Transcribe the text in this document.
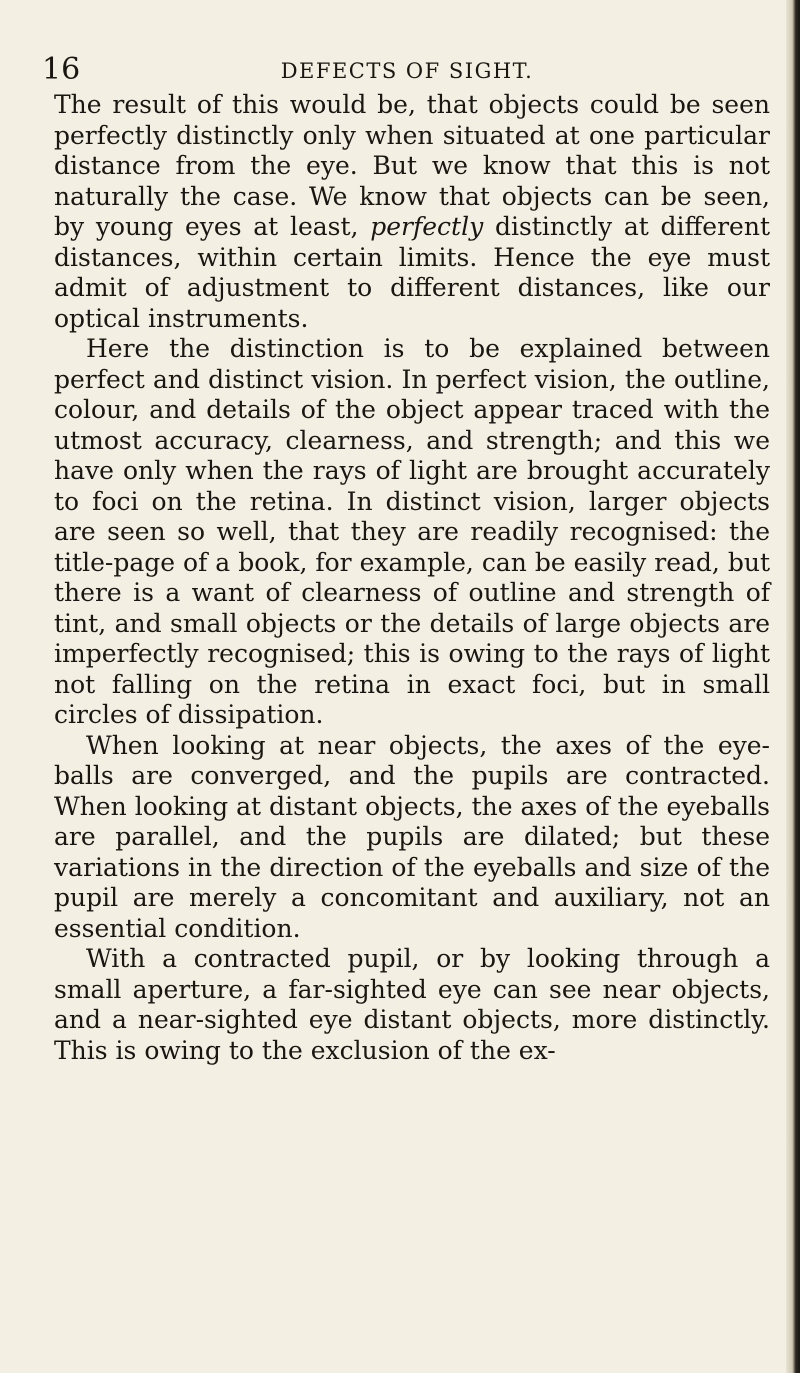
16	DEFECTS OF SIGHT.

The result of this would be, that objects could be seen perfectly distinctly only when situated at one particular distance from the eye. But we know that this is not naturally the case. We know that objects can be seen, by young eyes at least, perfectly distinctly at different distances, within certain limits. Hence the eye must admit of adjustment to different distances, like our optical instruments.

Here the distinction is to be explained between perfect and distinct vision. In perfect vision, the outline, colour, and details of the object appear traced with the utmost accuracy, clearness, and strength; and this we have only when the rays of light are brought accurately to foci on the retina. In distinct vision, larger objects are seen so well, that they are readily recognised: the title-page of a book, for example, can be easily read, but there is a want of clearness of outline and strength of tint, and small objects or the details of large objects are imperfectly recognised; this is owing to the rays of light not falling on the retina in exact foci, but in small circles of dissipation.

When looking at near objects, the axes of the eyeballs are converged, and the pupils are contracted. When looking at distant objects, the axes of the eyeballs are parallel, and the pupils are dilated; but these variations in the direction of the eyeballs and size of the pupil are merely a concomitant and auxiliary, not an essential condition.

With a contracted pupil, or by looking through a small aperture, a far-sighted eye can see near objects, and a near-sighted eye distant objects, more distinctly. This is owing to the exclusion of the ex-
